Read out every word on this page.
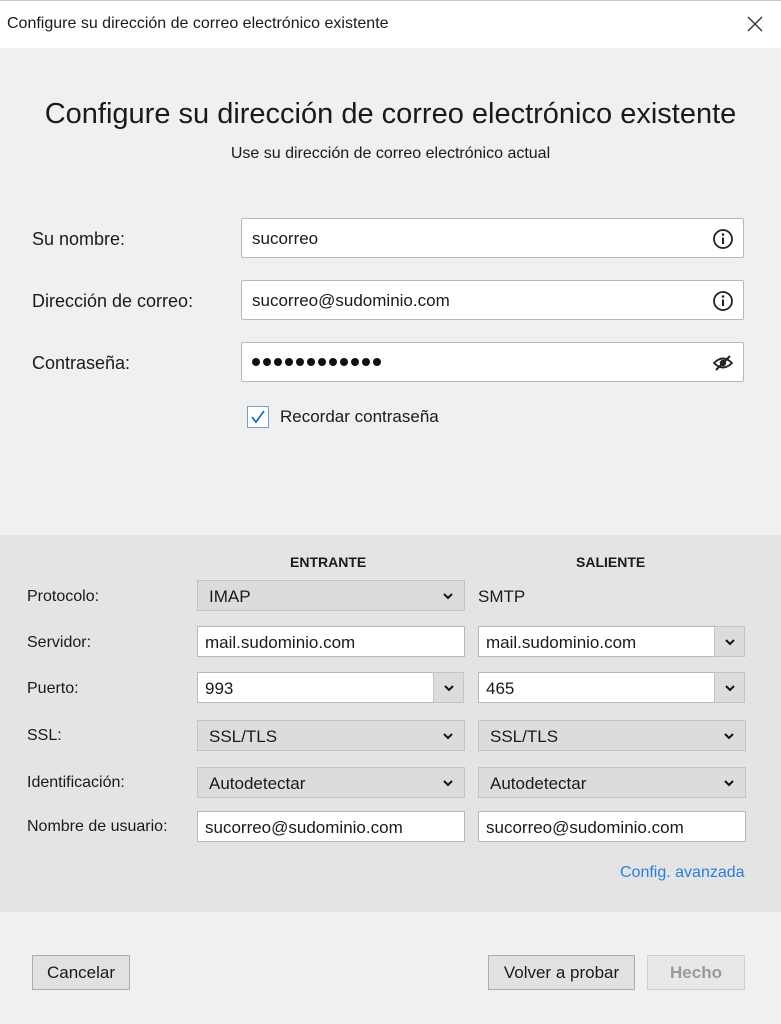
Configure su dirección de correo electrónico existente
Configure su dirección de correo electrónico existente
Use su dirección de correo electrónico actual
Su nombre:	sucorreo
Dirección de correo:	sucorreo@sudominio.com
Contraseña:
Recordar contraseña
ENTRANTE	SALIENTE
Protocolo:	IMAP	SMTP
Servidor:	mail.sudominio.com	mail.sudominio.com
Puerto:	993	465
SSL:	SSL/TLS	SSL/TLS
Identificación:	Autodetectar	Autodetectar
Nombre de usuario: sucorreo@sudominio.com	sucorreo@sudominio.com
Config. avanzada
Cancelar	Volver a probar	Hecho
